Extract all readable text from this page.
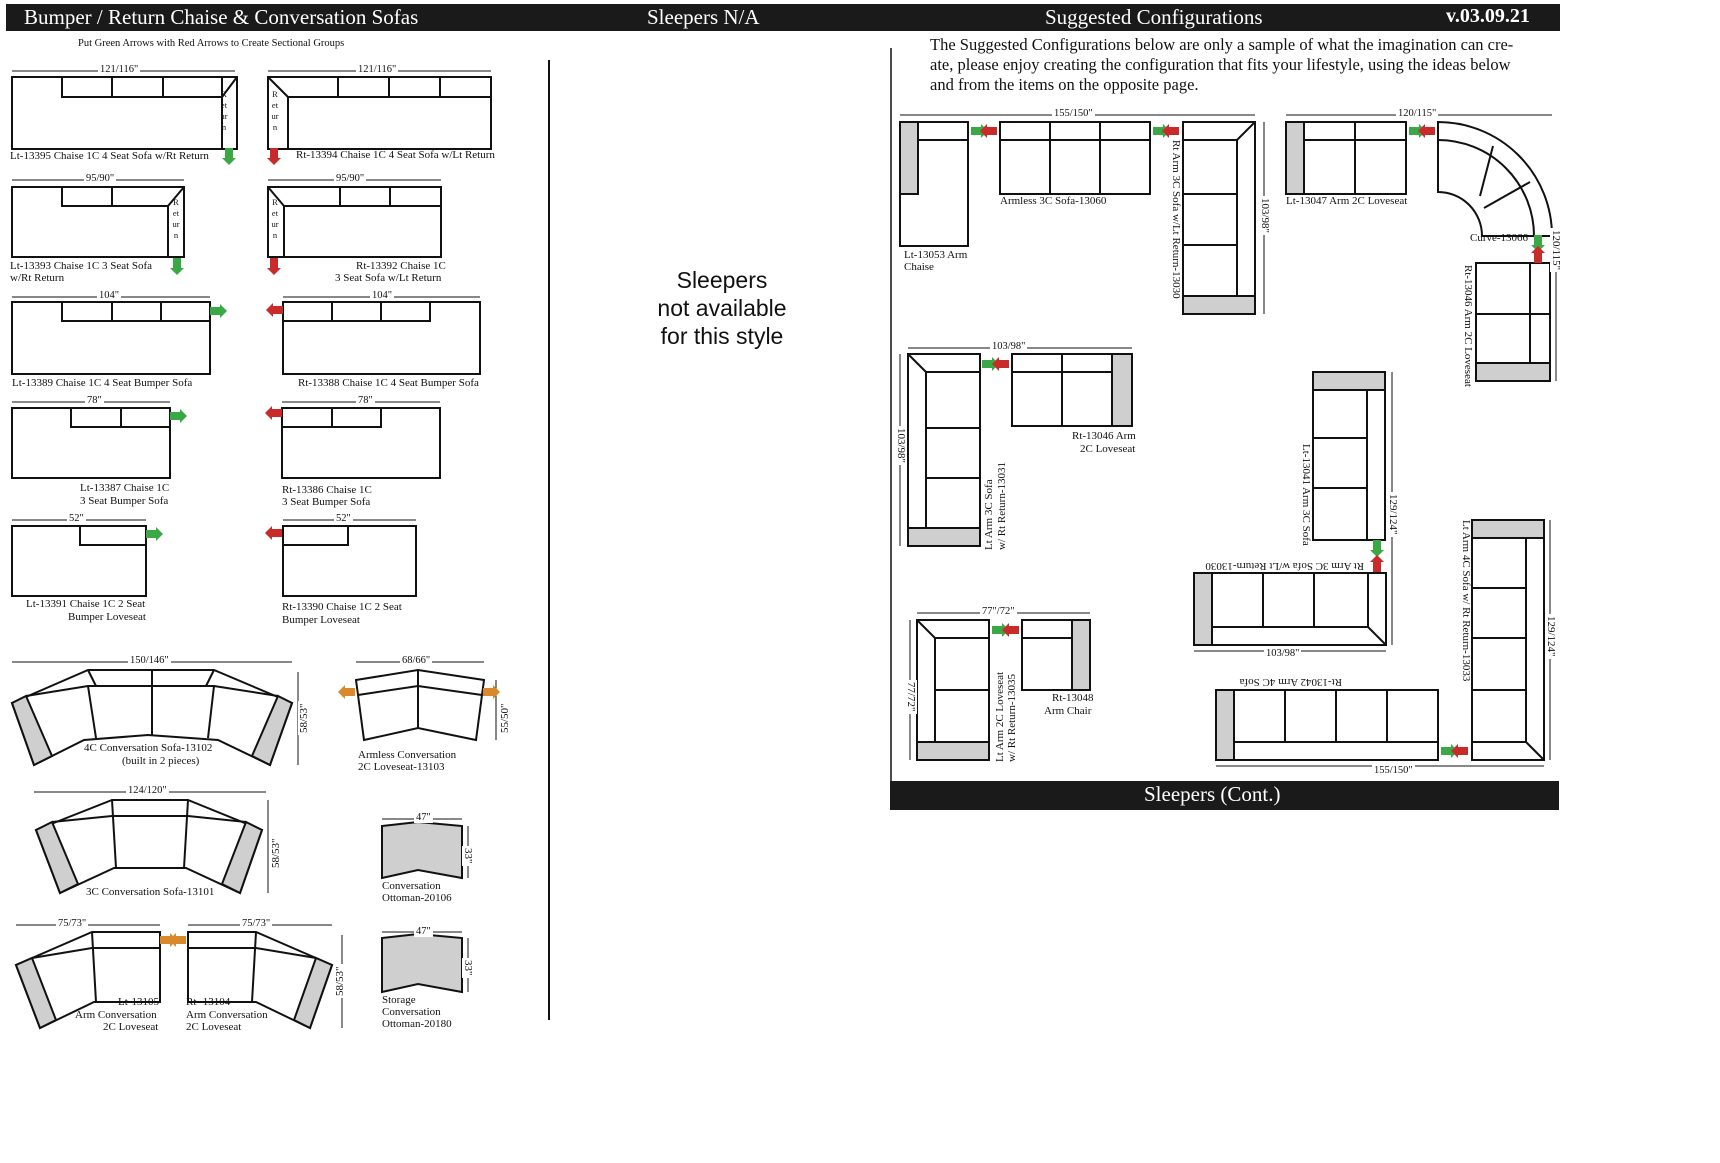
Bumper / Return Chaise & Conversation Sofas	Sleepers N/A	Suggested Configurations	v.03.09.21
Put Green Arrows with Red Arrows to Create Sectional Groups
Return
Return
Return
Return
121/116"	121/116"
95/90"	95/90"
104"	104"
78"	78"
52"	52"
Lt-13395 Chaise 1C 4 Seat Sofa w/Rt Return	Rt-13394 Chaise 1C 4 Seat Sofa w/Lt Return
Lt-13393 Chaise 1C 3 Seat Sofa
w/Rt Return
Rt-13392 Chaise 1C
3 Seat Sofa w/Lt Return
Lt-13389 Chaise 1C 4 Seat Bumper Sofa	Rt-13388 Chaise 1C 4 Seat Bumper Sofa
Lt-13387 Chaise 1C
3 Seat Bumper Sofa
Rt-13386 Chaise 1C
3 Seat Bumper Sofa
Lt-13391 Chaise 1C 2 Seat
Bumper Loveseat
Rt-13390 Chaise 1C 2 Seat
Bumper Loveseat
150/146"
4C Conversation Sofa-13102
(built in 2 pieces)
68/66"
Armless Conversation
2C Loveseat-13103
124/120"
3C Conversation Sofa-13101
47"
Conversation
Ottoman-20106
75/73"	75/73"
Lt-13105
Arm Conversation
2C Loveseat
Rt -13104
Arm Conversation
2C Loveseat
47"
Storage
Conversation
Ottoman-20180
58/53"	55/50"
58/53"	33"
58/53"	33"
Sleepers
not available
for this style
The Suggested Configurations below are only a sample of what the imagination can cre-
ate, please enjoy creating the configuration that fits your lifestyle, using the ideas below
and from the items on the opposite page.
155/150"
Lt-13053 Arm
Chaise
Armless 3C Sofa-13060	Rt Arm 3C Sofa w/Lt Return-13030	103/98"
120/115"
Lt-13047 Arm 2C Loveseat
Curve-13066 120/115"
Rt-13046 Arm 2C Loveseat
103/98"
103/98"
Lt Arm 3C Sofa w/ Rt Return-13031
Rt-13046 Arm
2C Loveseat	Lt-13041 Arm 3C Sofa	129/124"
Rt Arm 3C Sofa w/Lt Return-13030
103/98"
77"/72"
77/72"	Lt Arm 2C Loveseat w/ Rt Return-13035	Rt-13048
Arm Chair
Lt Arm 4C Sofa w/ Rt Return-13033	129/124"
Rt-13042 Arm 4C Sofa
155/150"
Sleepers (Cont.)
